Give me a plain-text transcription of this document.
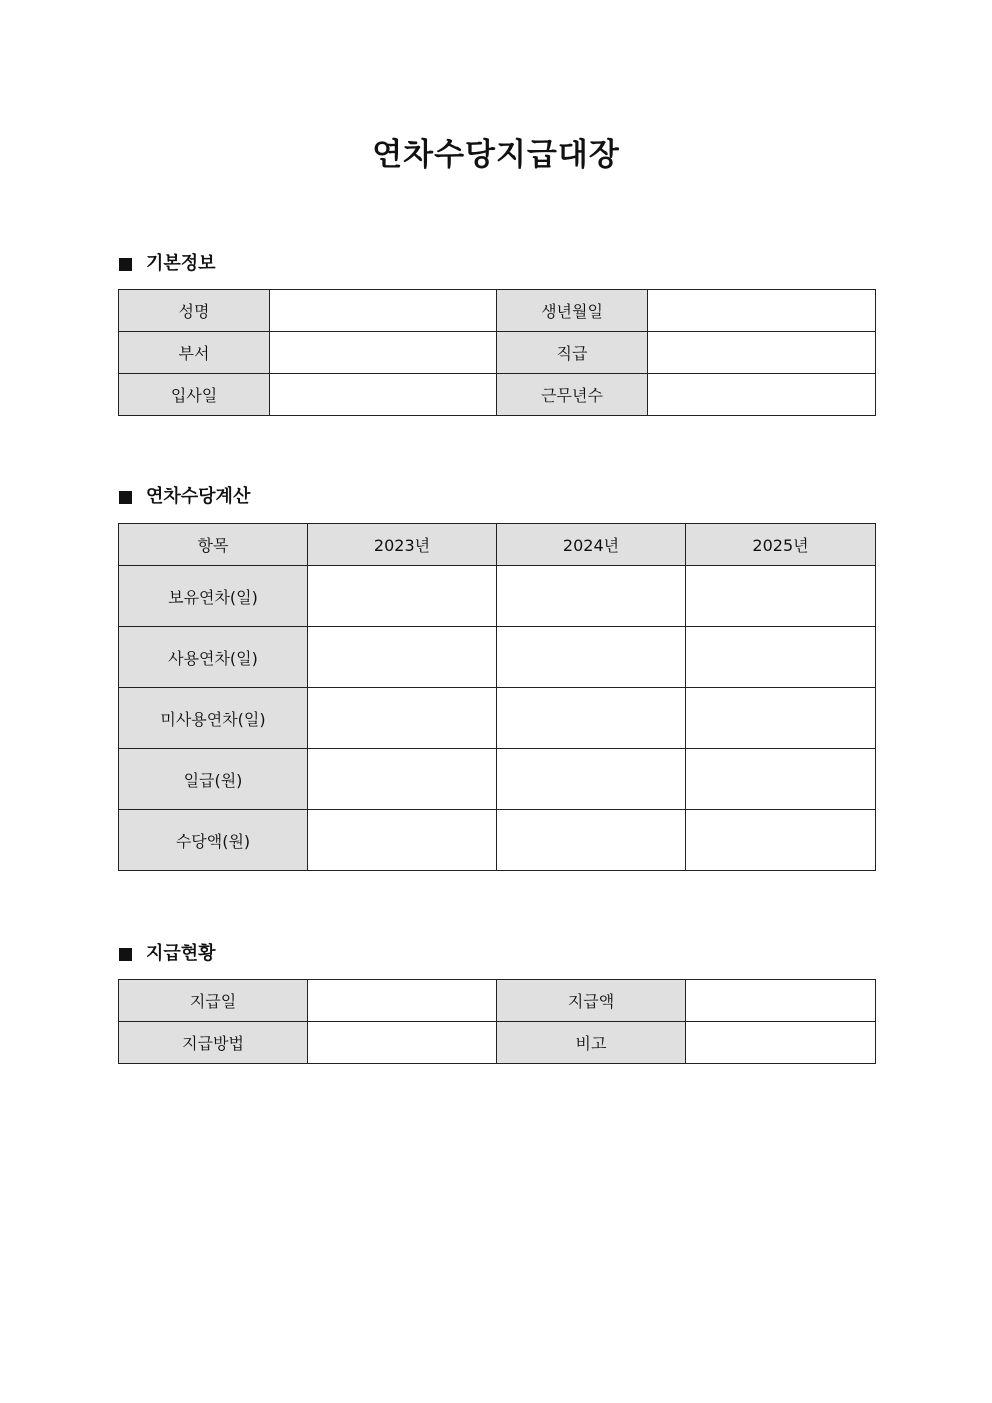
연차수당지급대장
기본정보
성명		생년월일	
부서		직급	
입사일		근무년수	
연차수당계산
항목	2023년	2024년	2025년
보유연차(일)			
사용연차(일)			
미사용연차(일)			
일급(원)			
수당액(원)			
지급현황
지급일		지급액	
지급방법		비고	
